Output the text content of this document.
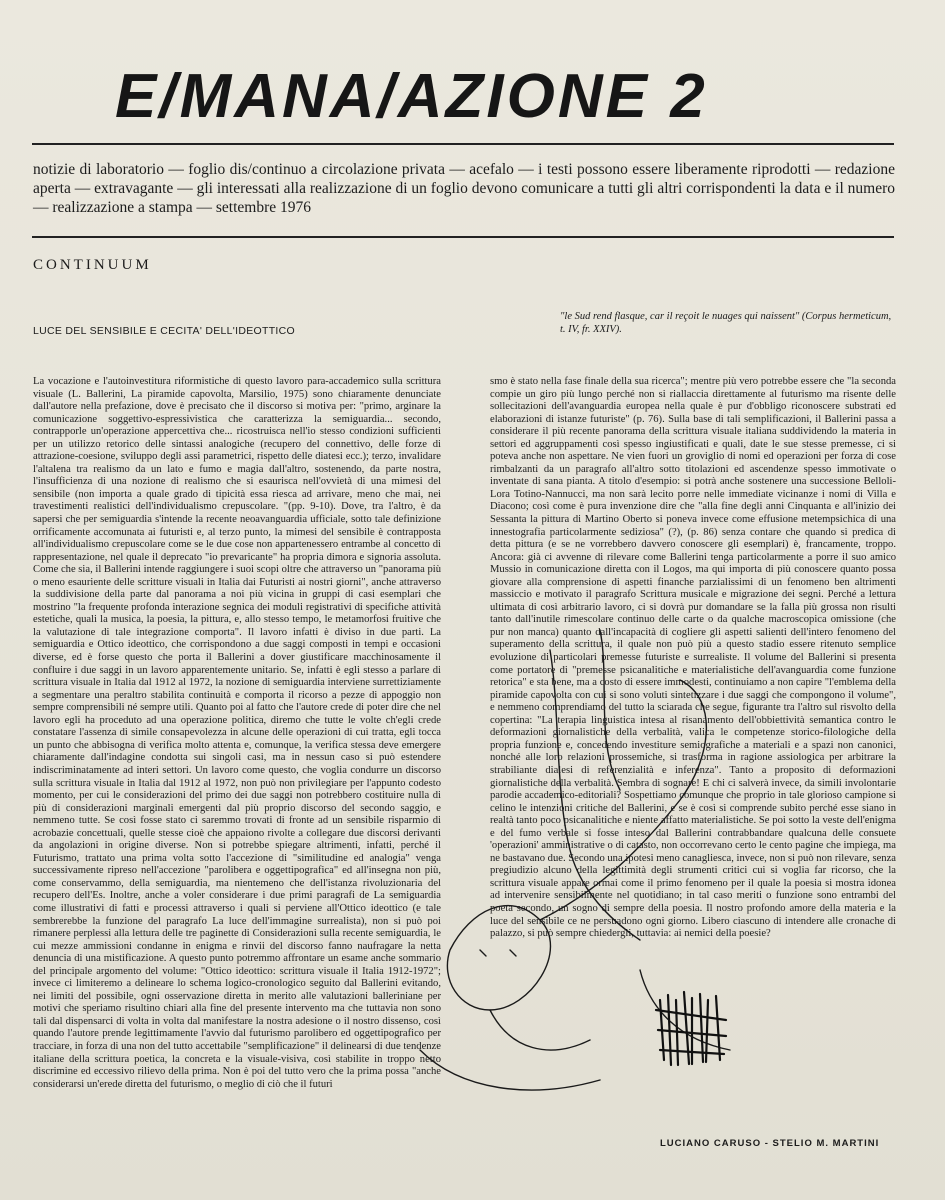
E/MANA/AZIONE 2
notizie di laboratorio — foglio dis/continuo a circolazione privata — acefalo — i testi possono essere liberamente riprodotti — redazione aperta — extravagante — gli interessati alla realizzazione di un foglio devono comunicare a tutti gli altri corrispondenti la data e il numero — realizzazione a stampa — settembre 1976
CONTINUUM
LUCE DEL SENSIBILE E CECITA' DELL'IDEOTTICO
"le Sud rend flasque, car il reçoit le nuages qui naissent" (Corpus hermeticum, t. IV, fr. XXIV).
La vocazione e l'autoinvestitura riformistiche di questo lavoro para-accademico sulla scrittura visuale (L. Ballerini, La piramide capovolta, Marsilio, 1975) sono chiaramente denunciate dall'autore nella prefazione, dove è precisato che il discorso si motiva per: "primo, arginare la comunicazione soggettivo-espressivistica che caratterizza la semiguardia... secondo, contrapporle un'operazione appercettiva che... ricostruisca nell'io stesso condizioni sufficienti per un utilizzo retorico delle sintassi analogiche (recupero del connettivo, delle forze di attrazione-coesione, sviluppo degli assi parametrici, rispetto delle diatesi ecc.); terzo, invalidare l'altalena tra realismo da un lato e fumo e magia dall'altro, sostenendo, da parte nostra, l'insufficienza di una nozione di realismo che si esaurisca nell'ovvietà di una mimesi del sensibile (non importa a quale grado di tipicità essa riesca ad arrivare, meno che mai, nei travestimenti realistici dell'individualismo crepuscolare. "(pp. 9-10). Dove, tra l'altro, è da sapersi che per semiguardia s'intende la recente neoavanguardia ufficiale, sotto tale definizione orrificamente accomunata ai futuristi e, al terzo punto, la mimesi del sensibile è contrapposta all'individualismo crepuscolare come se le due cose non appartenessero entrambe al concetto di rappresentazione, nel quale il deprecato "io prevaricante" ha propria dimora e signoria assoluta. Come che sia, il Ballerini intende raggiungere i suoi scopi oltre che attraverso un "panorama più o meno esauriente delle scritture visuali in Italia dai Futuristi ai nostri giorni", anche attraverso la suddivisione della parte dal panorama a noi più vicina in gruppi di casi esemplari che mostrino "la frequente profonda interazione segnica dei moduli registrativi di specifiche attività estetiche, quali la musica, la poesia, la pittura, e, allo stesso tempo, le metamorfosi fruitive che la valutazione di tale integrazione comporta". Il lavoro infatti è diviso in due parti. La semiguardia e Ottico ideottico, che corrispondono a due saggi composti in tempi e occasioni diverse, ed è forse questo che porta il Ballerini a dover giustificare macchinosamente il confluire i due saggi in un lavoro apparentemente unitario. Se, infatti è egli stesso a parlare di scrittura visuale in Italia dal 1912 al 1972, la nozione di semiguardia interviene surrettiziamente a segmentare una peraltro stabilita continuità e comporta il ricorso a pezze di appoggio non sempre comprensibili né sempre utili. Quanto poi al fatto che l'autore crede di poter dire che nel lavoro egli ha proceduto ad una operazione politica, diremo che tutte le volte ch'egli crede constatare l'assenza di simile consapevolezza in alcune delle operazioni di cui tratta, egli tocca un punto che abbisogna di verifica molto attenta e, comunque, la verifica stessa deve emergere chiaramente dall'indagine condotta sui singoli casi, ma in nessun caso si può estendere indiscriminatamente ad interi settori. Un lavoro come questo, che voglia condurre un discorso sulla scrittura visuale in Italia dal 1912 al 1972, non può non privilegiare per l'appunto codesto momento, per cui le considerazioni del primo dei due saggi non potrebbero costituire nulla di più di considerazioni marginali emergenti dal più proprio discorso del secondo saggio, e nemmeno tutte. Se così fosse stato ci saremmo trovati di fronte ad un sensibile risparmio di acrobazie concettuali, quelle stesse cioè che appaiono rivolte a collegare due discorsi derivanti da angolazioni in origine diverse. Non si potrebbe spiegare altrimenti, infatti, perché il Futurismo, trattato una prima volta sotto l'accezione di "similitudine ed analogia" venga successivamente ripreso nell'accezione "parolibera e oggettipografica" ed all'insegna non più, come conservammo, della semiguardia, ma nientemeno che dell'istanza rivoluzionaria del recupero dell'Es. Inoltre, anche a voler considerare i due primi paragrafi de La semiguardia come illustrativi di fatti e processi attraverso i quali si perviene all'Ottico ideottico (e tale sembrerebbe la funzione del paragrafo La luce dell'immagine surrealista), non si può poi rimanere perplessi alla lettura delle tre paginette di Considerazioni sulla recente semiguardia, le cui mezze ammissioni condanne in enigma e rinvii del discorso fanno naufragare la netta denuncia di una mistificazione. A questo punto potremmo affrontare un esame anche sommario del principale argomento del volume: "Ottico ideottico: scrittura visuale il Italia 1912-1972"; invece ci limiteremo a delineare lo schema logico-cronologico seguito dal Ballerini evitando, nei limiti del possibile, ogni osservazione diretta in merito alle valutazioni balleriniane per motivi che speriamo risultino chiari alla fine del presente intervento ma che tuttavia non sono tali dal dispensarci di volta in volta dal manifestare la nostra adesione o il nostro dissenso, così quando l'autore prende legittimamente l'avvio dal futurismo parolibero ed oggettipografico per tracciare, in forza di una non del tutto accettabile "semplificazione" il delinearsi di due tendenze italiane della scrittura poetica, la concreta e la visuale-visiva, così stabilite in troppo netto discrimine ed eccessivo rilievo della prima. Non è poi del tutto vero che la prima possa "anche considerarsi un'erede diretta del futurismo, o meglio di ciò che il futuri
smo è stato nella fase finale della sua ricerca"; mentre più vero potrebbe essere che "la seconda compie un giro più lungo perché non si riallaccia direttamente al futurismo ma risente delle sollecitazioni dell'avanguardia europea nella quale è pur d'obbligo riconoscere substrati ed elaborazioni di istanze futuriste" (p. 76). Sulla base di tali semplificazioni, il Ballerini passa a considerare il più recente panorama della scrittura visuale italiana suddividendo la materia in settori ed aggruppamenti così spesso ingiustificati e quali, date le sue stesse premesse, ci si poteva anche non aspettare. Ne vien fuori un groviglio di nomi ed operazioni per forza di cose rimbalzanti da un paragrafo all'altro sotto titolazioni ed ascendenze spesso immotivate o inventate di sana pianta. A titolo d'esempio: si potrà anche sostenere una successione Belloli-Lora Totino-Nannucci, ma non sarà lecito porre nelle immediate vicinanze i nomi di Villa e Diacono; così come è pura invenzione dire che "alla fine degli anni Cinquanta e all'inizio dei Sessanta la pittura di Martino Oberto si poneva invece come effusione metempsichica di una innestografia particolarmente sediziosa" (?), (p. 86) senza contare che quando si predica di detta pittura (e se ne vorrebbero davvero conoscere gli esemplari) è, francamente, troppo. Ancora: già ci avvenne di rilevare come Ballerini tenga particolarmente a porre il suo amico Mussio in comunicazione diretta con il Logos, ma qui importa di più conoscere quanto possa giovare alla comprensione di aspetti finanche parzialissimi di un fenomeno ben altrimenti massiccio e motivato il paragrafo Scrittura musicale e migrazione dei segni. Perché a lettura ultimata di così arbitrario lavoro, ci si dovrà pur domandare se la falla più grossa non risulti tanto dall'inutile rimescolare continuo delle carte o da qualche macroscopica omissione (che pur non manca) quanto dall'incapacità di cogliere gli aspetti salienti dell'intero fenomeno del superamento della scrittura, il quale non può più a questo stadio essere ritenuto semplice evoluzione di particolari premesse futuriste e surrealiste. Il volume del Ballerini si presenta come portatore di "premesse psicanalitiche e materialistiche dell'avanguardia come funzione retorica" e sta bene, ma a costo di essere immodesti, continuiamo a non capire "l'emblema della piramide capovolta con cui si sono voluti sintetizzare i due saggi che compongono il volume", e nemmeno comprendiamo del tutto la sciarada che segue, figurante tra l'altro sul risvolto della copertina: "La terapia linguistica intesa al risanamento dell'obbiettività semantica contro le deformazioni giornalistiche della verbalità, valica le competenze storico-filologiche della propria funzione e, concedendo investiture semiografiche a materiali e a spazi non canonici, nonché alle loro relazioni prossemiche, si trasforma in ragione assiologica per arbitrare la strabiliante dialesi di referenzialità e inferenza". Tanto a proposito di deformazioni giornalistiche della verbalità. Sembra di sognare! E chi ci salverà invece, da simili involontarie parodie accademico-editoriali? Sospettiamo comunque che proprio in tale glorioso campione si celino le intenzioni critiche del Ballerini, e se è così si comprende subito perché esse siano in realtà tanto poco psicanalitiche e niente affatto materialistiche. Se poi sotto la veste dell'enigma e del fumo verbale si fosse inteso dal Ballerini contrabbandare qualcuna delle consuete 'operazioni' amministrative o di catasto, non occorrevano certo le cento pagine che impiega, ma ne bastavano due. Secondo una ipotesi meno canagliesca, invece, non si può non rilevare, senza pregiudizio alcuno della legittimità degli strumenti critici cui si voglia far ricorso, che la scrittura visuale appare ormai come il primo fenomeno per il quale la poesia si mostra idonea ad intervenire sensibilmente nel quotidiano; in tal caso meriti o funzione sono entrambi del poeta secondo, un sogno di sempre della poesia. Il nostro profondo amore della materia e la luce del sensibile ce ne persuadono ogni giorno. Libero ciascuno di intendere alle cronache di palazzo, si può sempre chiedergli, tuttavia: ai nemici della poesie?
LUCIANO CARUSO - STELIO M. MARTINI
